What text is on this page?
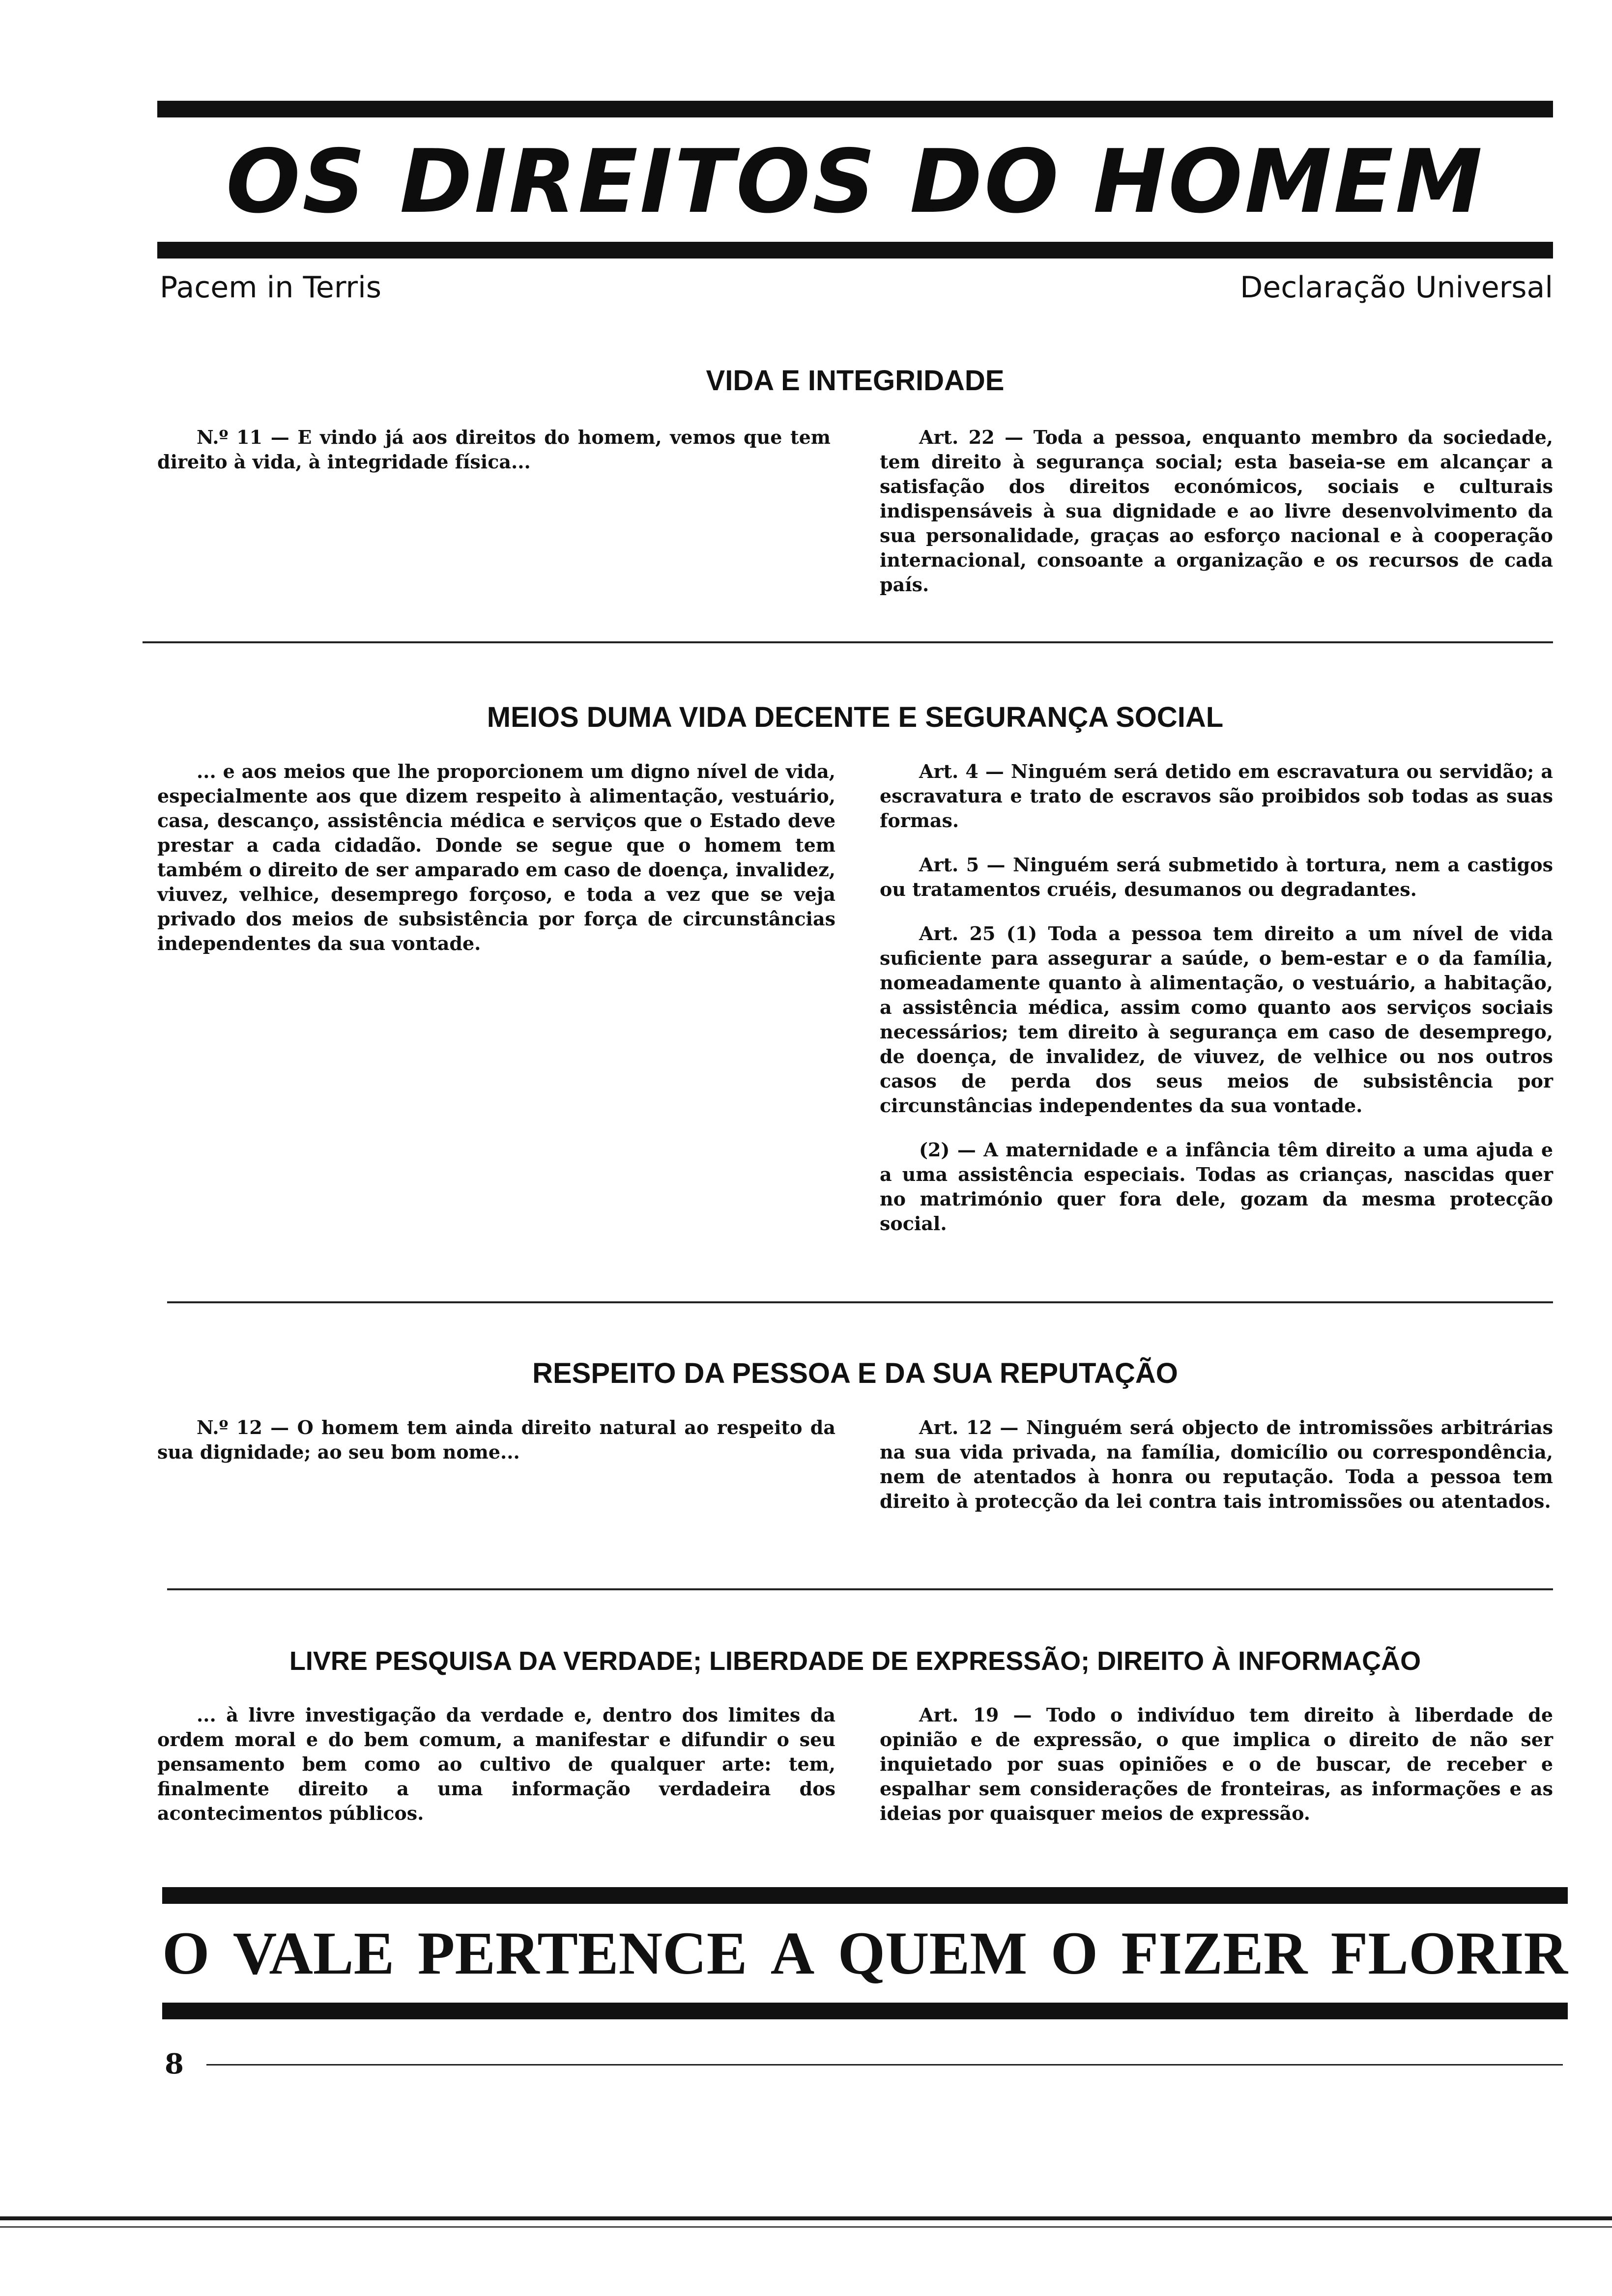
OS DIREITOS DO HOMEM
Pacem in Terris	Declaração Universal
VIDA E INTEGRIDADE

N.º 11 — E vindo já aos direitos do homem, vemos que tem direito à vida, à integridade física...

Art. 22 — Toda a pessoa, enquanto membro da sociedade, tem direito à segurança social; esta baseia-se em alcançar a satisfação dos direitos económicos, sociais e culturais indispensáveis à sua dignidade e ao livre desenvolvimento da sua personalidade, graças ao esforço nacional e à cooperação internacional, consoante a organização e os recursos de cada país.

MEIOS DUMA VIDA DECENTE E SEGURANÇA SOCIAL

... e aos meios que lhe proporcionem um digno nível de vida, especialmente aos que dizem respeito à alimentação, vestuário, casa, descanço, assistência médica e serviços que o Estado deve prestar a cada cidadão. Donde se segue que o homem tem também o direito de ser amparado em caso de doença, invalidez, viuvez, velhice, desemprego forçoso, e toda a vez que se veja privado dos meios de subsistência por força de circunstâncias independentes da sua vontade.

Art. 4 — Ninguém será detido em escravatura ou servidão; a escravatura e trato de escravos são proibidos sob todas as suas formas.

Art. 5 — Ninguém será submetido à tortura, nem a castigos ou tratamentos cruéis, desumanos ou degradantes.

Art. 25 (1) Toda a pessoa tem direito a um nível de vida suficiente para assegurar a saúde, o bem-estar e o da família, nomeadamente quanto à alimentação, o vestuário, a habitação, a assistência médica, assim como quanto aos serviços sociais necessários; tem direito à segurança em caso de desemprego, de doença, de invalidez, de viuvez, de velhice ou nos outros casos de perda dos seus meios de subsistência por circunstâncias independentes da sua vontade.

(2) — A maternidade e a infância têm direito a uma ajuda e a uma assistência especiais. Todas as crianças, nascidas quer no matrimónio quer fora dele, gozam da mesma protecção social.

RESPEITO DA PESSOA E DA SUA REPUTAÇÃO

N.º 12 — O homem tem ainda direito natural ao respeito da sua dignidade; ao seu bom nome...

Art. 12 — Ninguém será objecto de intromissões arbitrárias na sua vida privada, na família, domicílio ou correspondência, nem de atentados à honra ou reputação. Toda a pessoa tem direito à protecção da lei contra tais intromissões ou atentados.

LIVRE PESQUISA DA VERDADE; LIBERDADE DE EXPRESSÃO; DIREITO À INFORMAÇÃO

... à livre investigação da verdade e, dentro dos limites da ordem moral e do bem comum, a manifestar e difundir o seu pensamento bem como ao cultivo de qualquer arte: tem, finalmente direito a uma informação verdadeira dos acontecimentos públicos.

Art. 19 — Todo o indivíduo tem direito à liberdade de opinião e de expressão, o que implica o direito de não ser inquietado por suas opiniões e o de buscar, de receber e espalhar sem considerações de fronteiras, as informações e as ideias por quaisquer meios de expressão.

O VALE PERTENCE A QUEM O FIZER FLORIR
8
